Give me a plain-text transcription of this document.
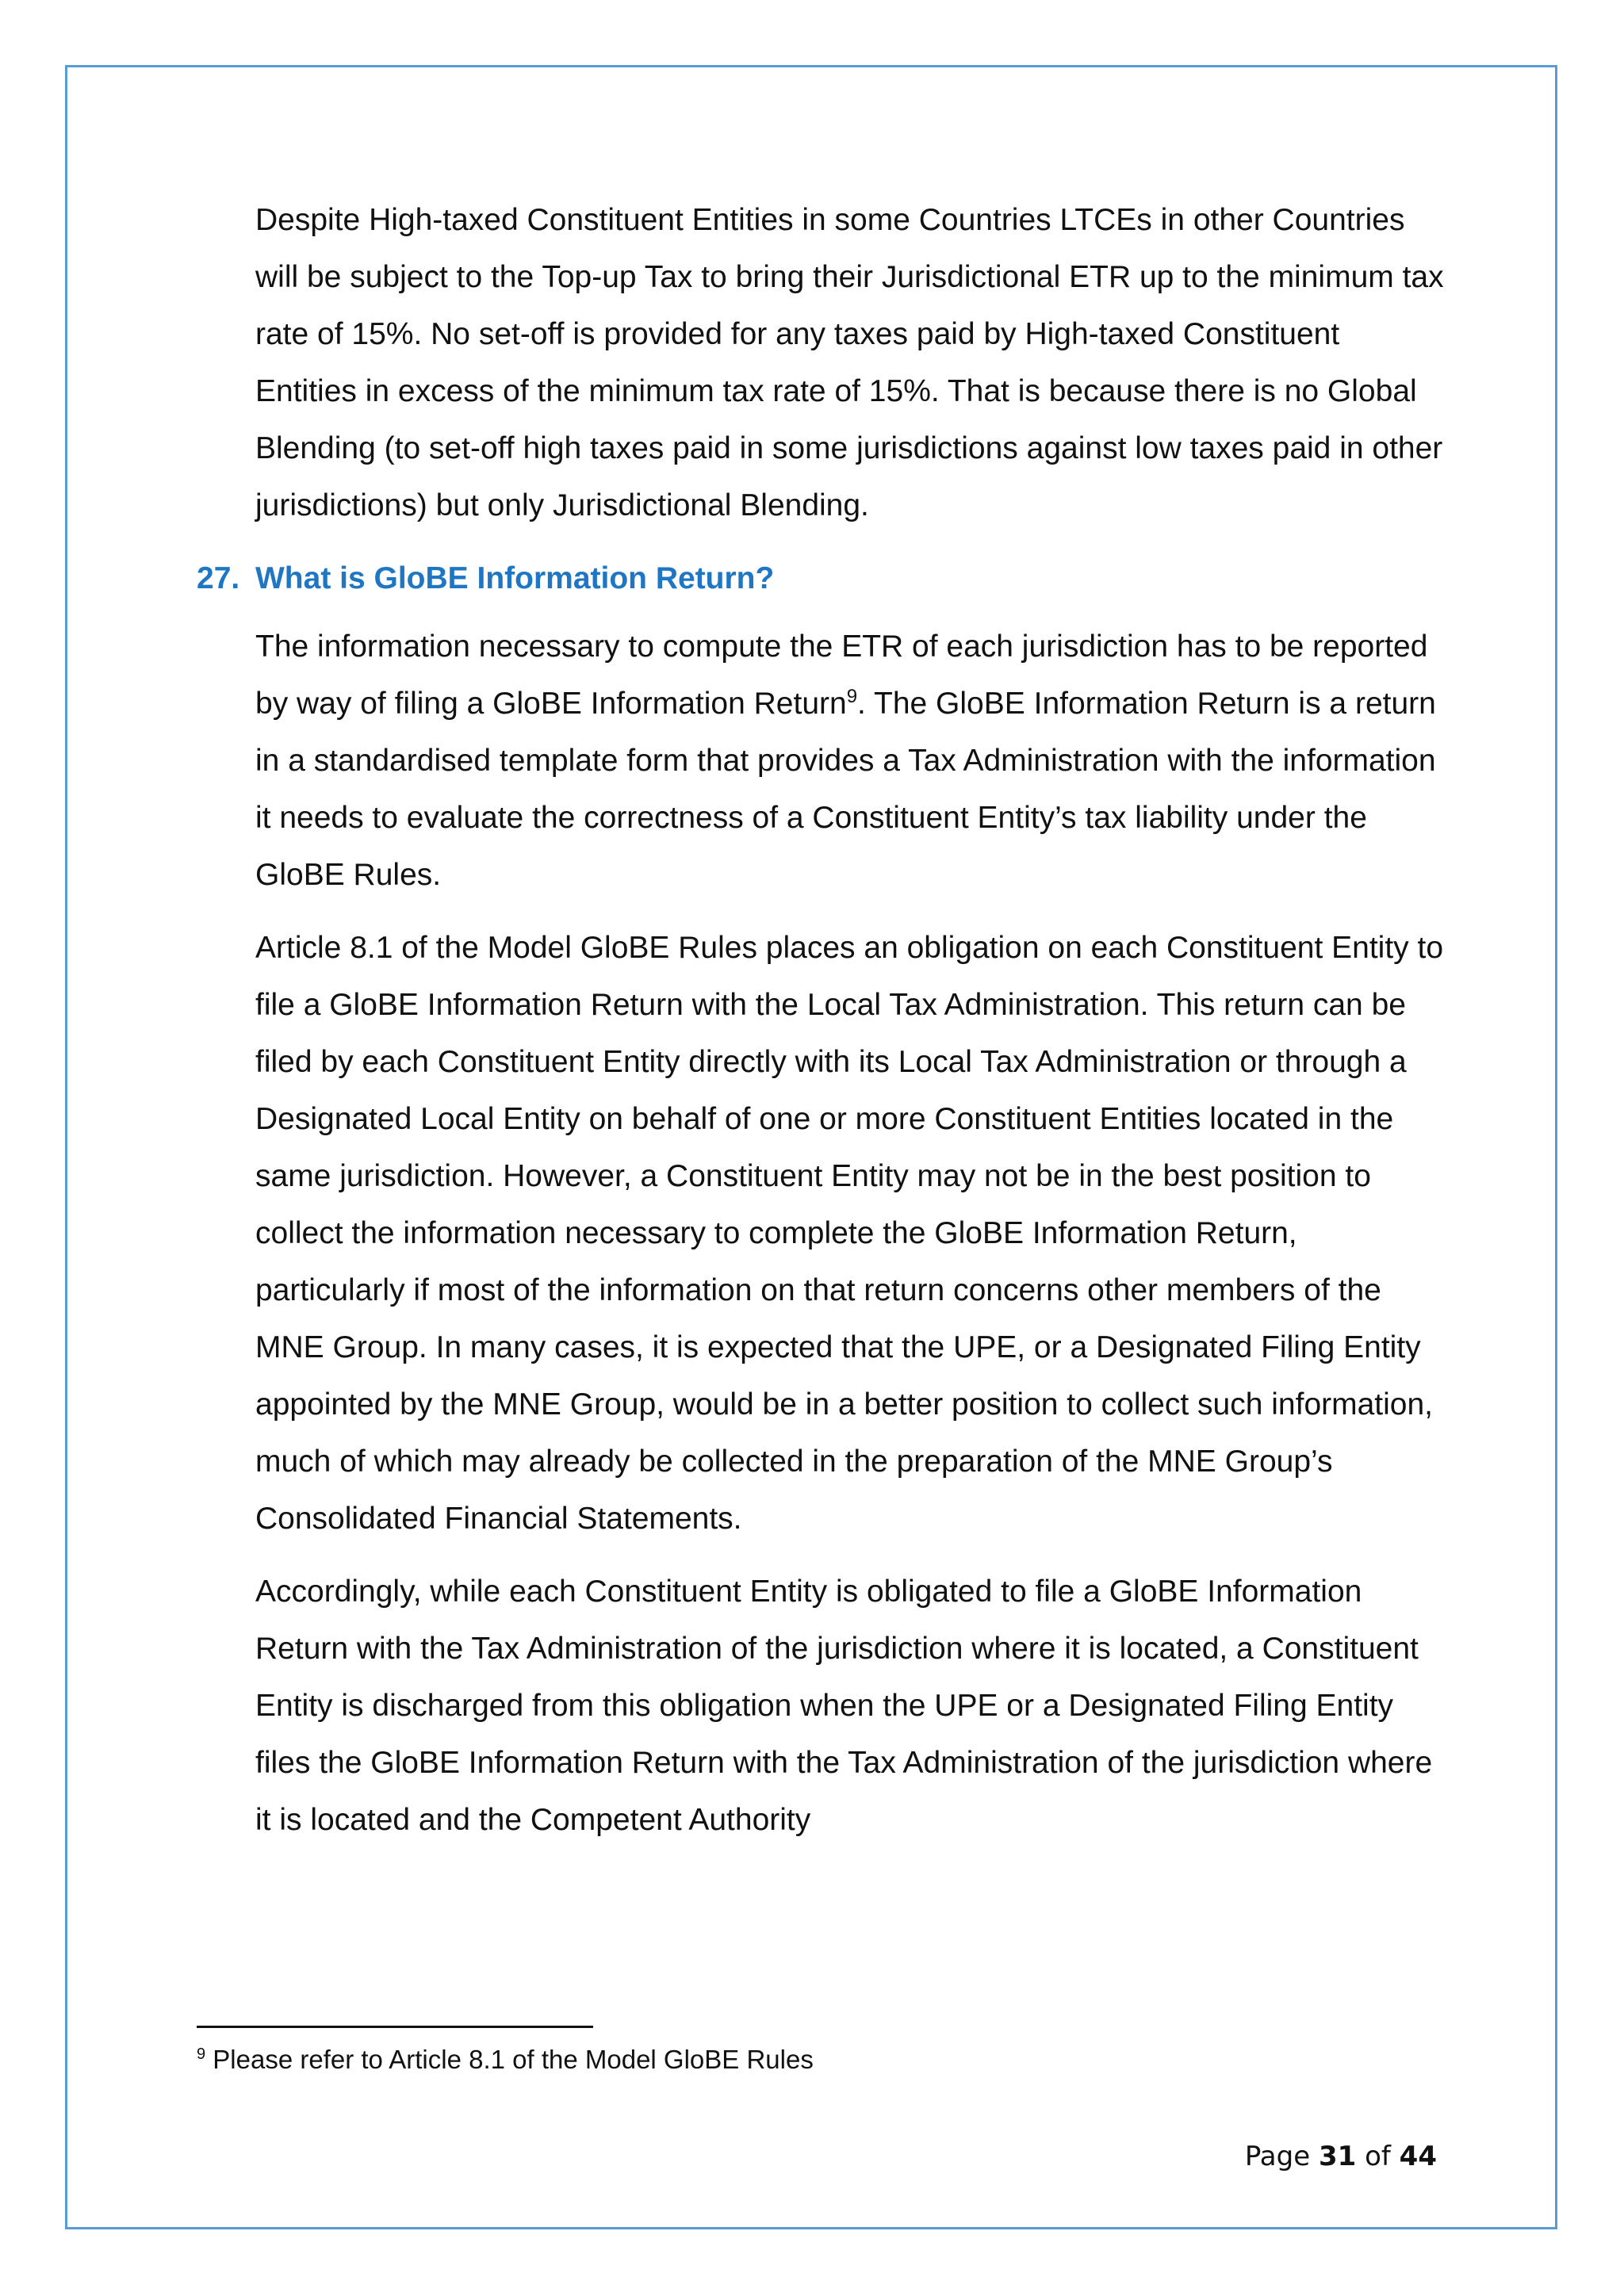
Despite High-taxed Constituent Entities in some Countries LTCEs in other Countries will be subject to the Top-up Tax to bring their Jurisdictional ETR up to the minimum tax rate of 15%. No set-off is provided for any taxes paid by High-taxed Constituent Entities in excess of the minimum tax rate of 15%. That is because there is no Global Blending (to set-off high taxes paid in some jurisdictions against low taxes paid in other jurisdictions) but only Jurisdictional Blending.

27. What is GloBE Information Return?

The information necessary to compute the ETR of each jurisdiction has to be reported by way of filing a GloBE Information Return$^9$. The GloBE Information Return is a return in a standardised template form that provides a Tax Administration with the information it needs to evaluate the correctness of a Constituent Entity’s tax liability under the GloBE Rules.

Article 8.1 of the Model GloBE Rules places an obligation on each Constituent Entity to file a GloBE Information Return with the Local Tax Administration. This return can be filed by each Constituent Entity directly with its Local Tax Administration or through a Designated Local Entity on behalf of one or more Constituent Entities located in the same jurisdiction. However, a Constituent Entity may not be in the best position to collect the information necessary to complete the GloBE Information Return, particularly if most of the information on that return concerns other members of the MNE Group. In many cases, it is expected that the UPE, or a Designated Filing Entity appointed by the MNE Group, would be in a better position to collect such information, much of which may already be collected in the preparation of the MNE Group’s Consolidated Financial Statements.

Accordingly, while each Constituent Entity is obligated to file a GloBE Information Return with the Tax Administration of the jurisdiction where it is located, a Constituent Entity is discharged from this obligation when the UPE or a Designated Filing Entity files the GloBE Information Return with the Tax Administration of the jurisdiction where it is located and the Competent Authority

$^9$ Please refer to Article 8.1 of the Model GloBE Rules
Page 31 of 44
